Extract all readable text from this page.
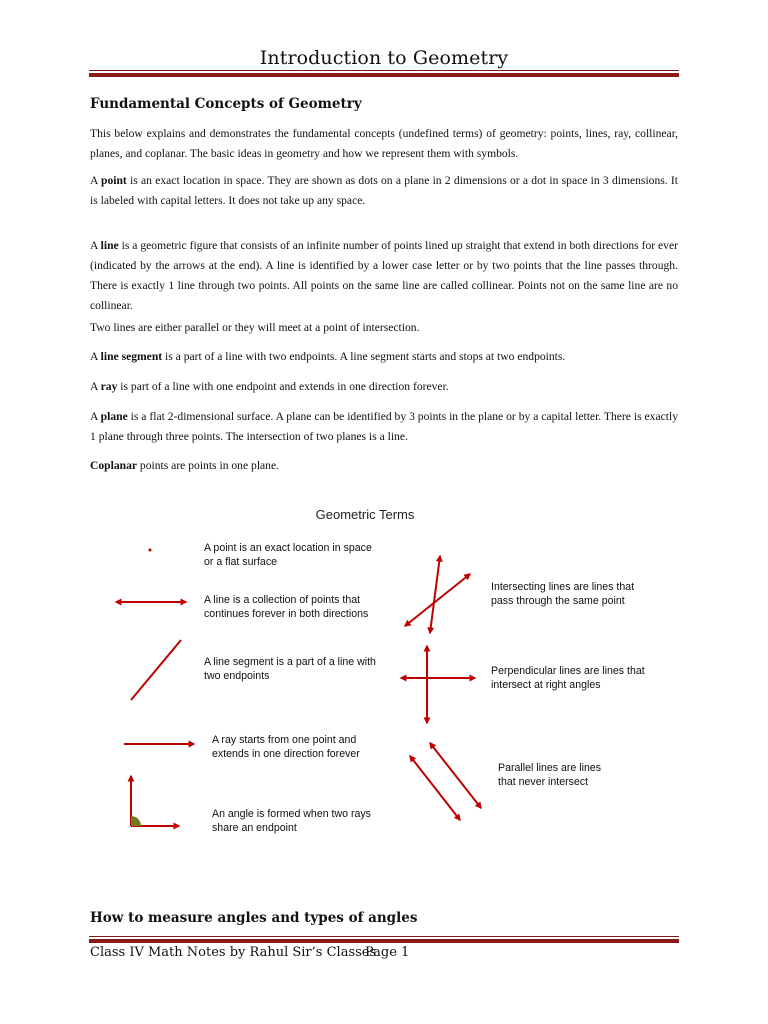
Introduction to Geometry
Fundamental Concepts of Geometry
This below explains and demonstrates the fundamental concepts (undefined terms) of geometry: points, lines, ray, collinear, planes, and coplanar. The basic ideas in geometry and how we represent them with symbols.
A point is an exact location in space. They are shown as dots on a plane in 2 dimensions or a dot in space in 3 dimensions. It is labeled with capital letters. It does not take up any space.
A line is a geometric figure that consists of an infinite number of points lined up straight that extend in both directions for ever (indicated by the arrows at the end). A line is identified by a lower case letter or by two points that the line passes through. There is exactly 1 line through two points. All points on the same line are called collinear. Points not on the same line are no collinear.
Two lines are either parallel or they will meet at a point of intersection.
A line segment is a part of a line with two endpoints. A line segment starts and stops at two endpoints.
A ray is part of a line with one endpoint and extends in one direction forever.
A plane is a flat 2-dimensional surface. A plane can be identified by 3 points in the plane or by a capital letter. There is exactly 1 plane through three points. The intersection of two planes is a line.
Coplanar points are points in one plane.
Geometric Terms
A point is an exact location in space
or a flat surface
A line is a collection of points that
continues forever in both directions
A line segment is a part of a line with
two endpoints
A ray starts from one point and
extends in one direction forever
An angle is formed when two rays
share an endpoint
Intersecting lines are lines that
pass through the same point
Perpendicular lines are lines that
intersect at right angles
Parallel lines are lines
that never intersect
How to measure angles and types of angles
Class IV Math Notes by Rahul Sir’s Classes
Page 1
